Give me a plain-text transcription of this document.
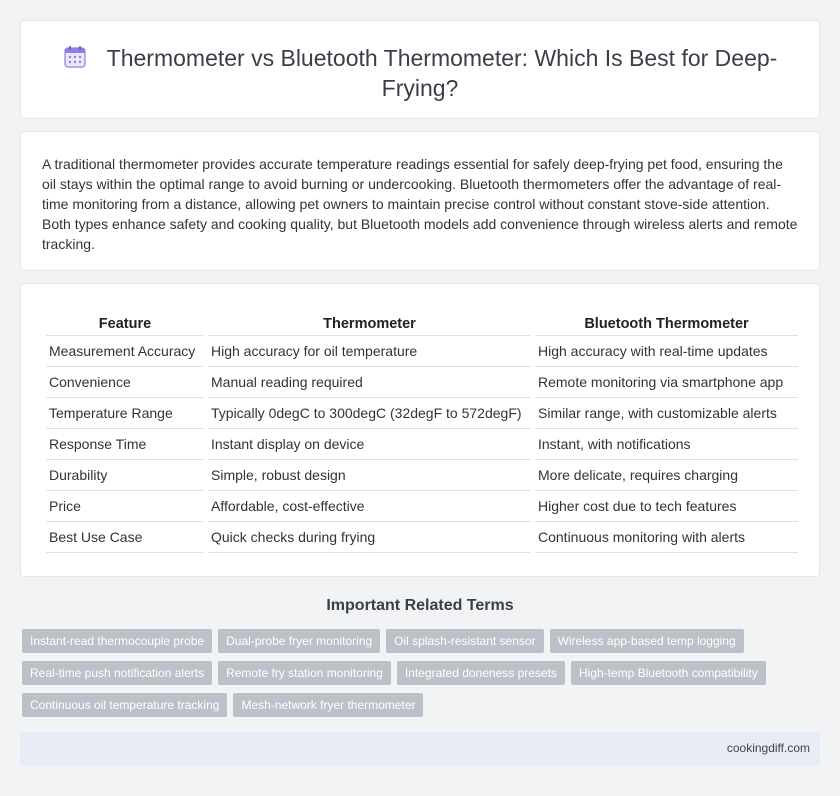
Thermometer vs Bluetooth Thermometer: Which Is Best for Deep-Frying?

A traditional thermometer provides accurate temperature readings essential for safely deep-frying pet food, ensuring the oil stays within the optimal range to avoid burning or undercooking. Bluetooth thermometers offer the advantage of real-time monitoring from a distance, allowing pet owners to maintain precise control without constant stove-side attention. Both types enhance safety and cooking quality, but Bluetooth models add convenience through wireless alerts and remote tracking.

Feature	Thermometer	Bluetooth Thermometer
Measurement Accuracy	High accuracy for oil temperature	High accuracy with real-time updates
Convenience	Manual reading required	Remote monitoring via smartphone app
Temperature Range	Typically 0degC to 300degC (32degF to 572degF)	Similar range, with customizable alerts
Response Time	Instant display on device	Instant, with notifications
Durability	Simple, robust design	More delicate, requires charging
Price	Affordable, cost-effective	Higher cost due to tech features
Best Use Case	Quick checks during frying	Continuous monitoring with alerts
Important Related Terms
Instant-read thermocouple probe	Dual-probe fryer monitoring	Oil splash-resistant sensor	Wireless app-based temp logging
Real-time push notification alerts	Remote fry station monitoring	Integrated doneness presets	High-temp Bluetooth compatibility
Continuous oil temperature tracking	Mesh-network fryer thermometer
cookingdiff.com
